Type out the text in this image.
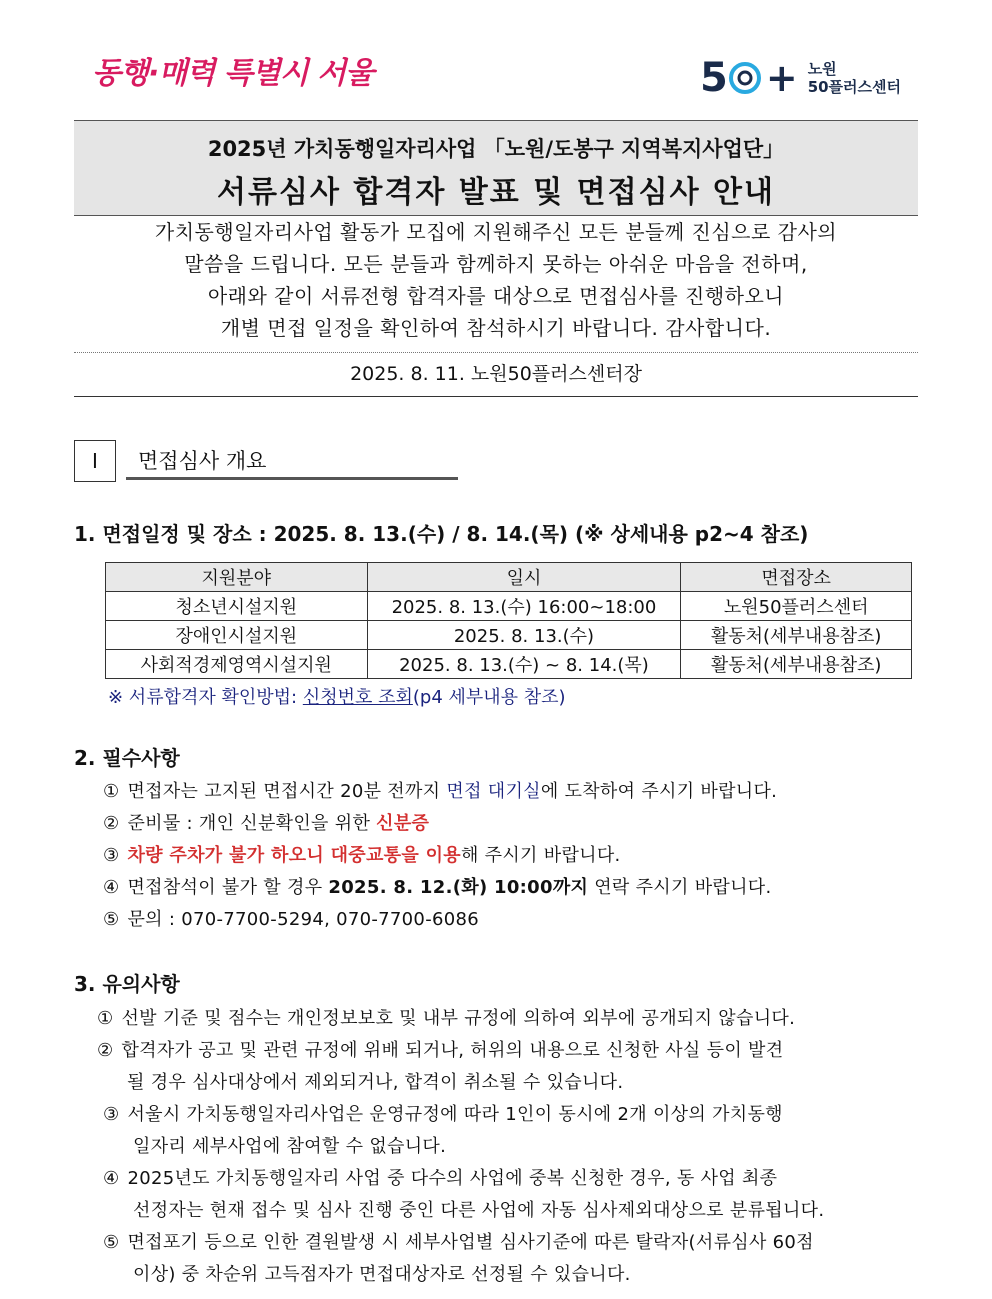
동행·매력 특별시 서울	5 + 노원
50플러스센터
2025년 가치동행일자리사업 「노원/도봉구 지역복지사업단」
서류심사 합격자 발표 및 면접심사 안내
가치동행일자리사업 활동가 모집에 지원해주신 모든 분들께 진심으로 감사의
말씀을 드립니다. 모든 분들과 함께하지 못하는 아쉬운 마음을 전하며,
아래와 같이 서류전형 합격자를 대상으로 면접심사를 진행하오니
개별 면접 일정을 확인하여 참석하시기 바랍니다. 감사합니다.
2025. 8. 11. 노원50플러스센터장
Ⅰ	면접심사 개요
1. 면접일정 및 장소 : 2025. 8. 13.(수) / 8. 14.(목) (※ 상세내용 p2~4 참조)
지원분야	일시	면접장소
청소년시설지원	2025. 8. 13.(수) 16:00~18:00	노원50플러스센터
장애인시설지원	2025. 8. 13.(수)	활동처(세부내용참조)
사회적경제영역시설지원	2025. 8. 13.(수) ~ 8. 14.(목)	활동처(세부내용참조)
※ 서류합격자 확인방법: 신청번호 조회(p4 세부내용 참조)
2. 필수사항
① 면접자는 고지된 면접시간 20분 전까지 면접 대기실에 도착하여 주시기 바랍니다.
② 준비물 : 개인 신분확인을 위한 신분증
③ 차량 주차가 불가 하오니 대중교통을 이용해 주시기 바랍니다.
④ 면접참석이 불가 할 경우 2025. 8. 12.(화) 10:00까지 연락 주시기 바랍니다.
⑤ 문의 : 070-7700-5294, 070-7700-6086
3. 유의사항
① 선발 기준 및 점수는 개인정보보호 및 내부 규정에 의하여 외부에 공개되지 않습니다.
② 합격자가 공고 및 관련 규정에 위배 되거나, 허위의 내용으로 신청한 사실 등이 발견
될 경우 심사대상에서 제외되거나, 합격이 취소될 수 있습니다.
③ 서울시 가치동행일자리사업은 운영규정에 따라 1인이 동시에 2개 이상의 가치동행
일자리 세부사업에 참여할 수 없습니다.
④ 2025년도 가치동행일자리 사업 중 다수의 사업에 중복 신청한 경우, 동 사업 최종
선정자는 현재 접수 및 심사 진행 중인 다른 사업에 자동 심사제외대상으로 분류됩니다.
⑤ 면접포기 등으로 인한 결원발생 시 세부사업별 심사기준에 따른 탈락자(서류심사 60점
이상) 중 차순위 고득점자가 면접대상자로 선정될 수 있습니다.
